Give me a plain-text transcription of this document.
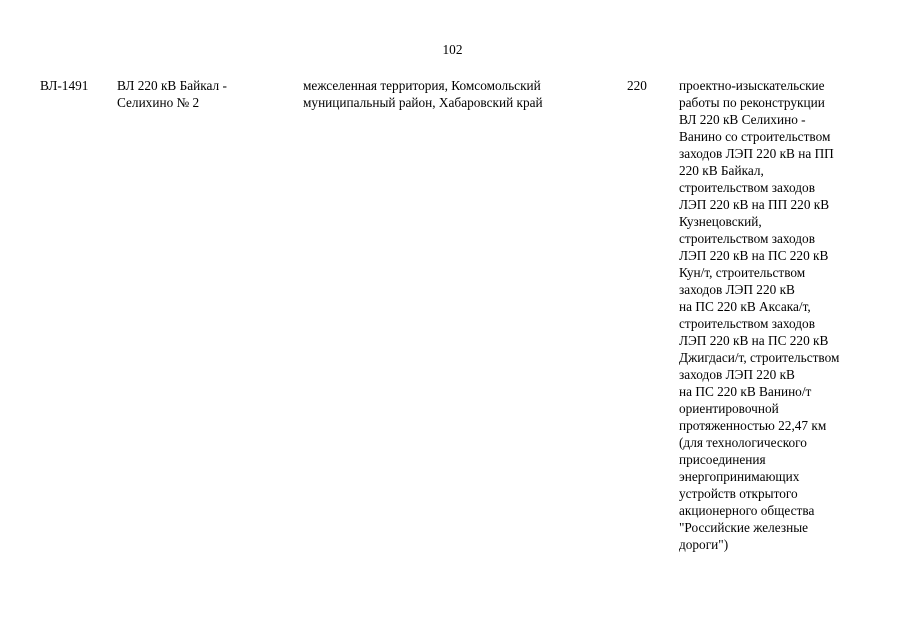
102
ВЛ-1491	ВЛ 220 кВ Байкал -
Селихино № 2
межселенная территория, Комсомольский
муниципальный район, Хабаровский край
220	проектно-изыскательские
работы по реконструкции
ВЛ 220 кВ Селихино -
Ванино со строительством
заходов ЛЭП 220 кВ на ПП
220 кВ Байкал,
строительством заходов
ЛЭП 220 кВ на ПП 220 кВ
Кузнецовский,
строительством заходов
ЛЭП 220 кВ на ПС 220 кВ
Кун/т, строительством
заходов ЛЭП 220 кВ
на ПС 220 кВ Аксака/т,
строительством заходов
ЛЭП 220 кВ на ПС 220 кВ
Джигдаси/т, строительством
заходов ЛЭП 220 кВ
на ПС 220 кВ Ванино/т
ориентировочной
протяженностью 22,47 км
(для технологического
присоединения
энергопринимающих
устройств открытого
акционерного общества
"Российские железные
дороги")
